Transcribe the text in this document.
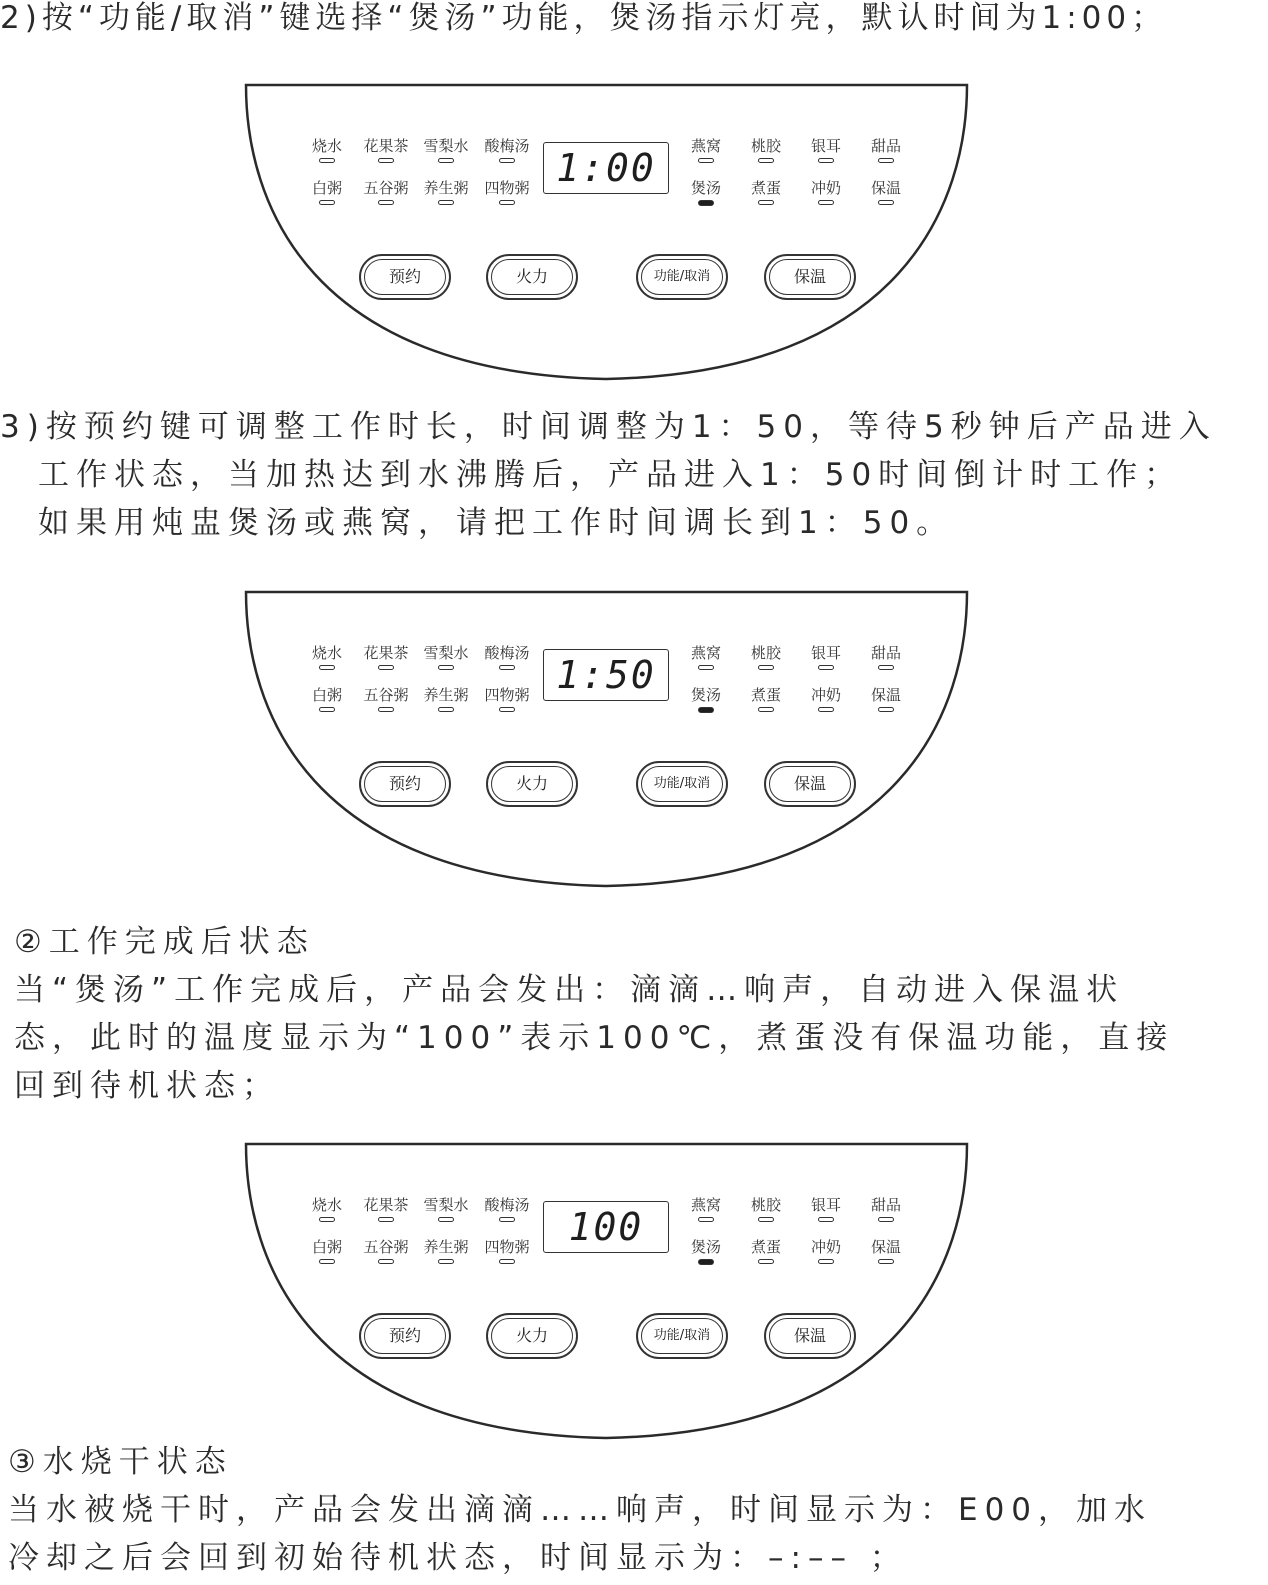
2)按“功能/取消”键选择“煲汤”功能，煲汤指示灯亮，默认时间为1:00；
烧水	花果茶 雪梨水	酸梅汤
白粥	五谷粥 养生粥	四物粥
燕窝	桃胶	银耳	甜品
煲汤	煮蛋	冲奶	保温
1:00
预约	火力	功能/取消	保温
3)按预约键可调整工作时长，时间调整为1：50，等待5秒钟后产品进入
工作状态，当加热达到水沸腾后，产品进入1：50时间倒计时工作；
如果用炖盅煲汤或燕窝，请把工作时间调长到1：50。
烧水	花果茶 雪梨水	酸梅汤
白粥	五谷粥 养生粥	四物粥
燕窝	桃胶	银耳	甜品
煲汤	煮蛋	冲奶	保温
1:50
预约	火力	功能/取消	保温
②工作完成后状态
当“煲汤”工作完成后，产品会发出：滴滴…响声，自动进入保温状
态，此时的温度显示为“100”表示100℃，煮蛋没有保温功能，直接
回到待机状态；
烧水	花果茶 雪梨水	酸梅汤
白粥	五谷粥 养生粥	四物粥
燕窝	桃胶	银耳	甜品
煲汤	煮蛋	冲奶	保温
100
预约	火力	功能/取消	保温
③水烧干状态
当水被烧干时，产品会发出滴滴……响声，时间显示为：E00，加水
冷却之后会回到初始待机状态，时间显示为：–:–– ；
